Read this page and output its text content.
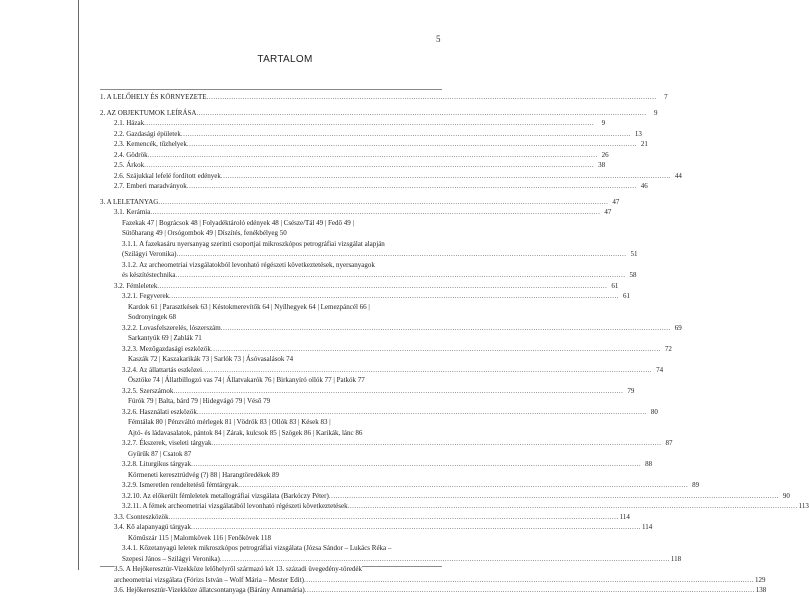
5
TARTALOM
1. A LELŐHELY ÉS KÖRNYEZETE ........................................................................................................................................................................................................	7
2. AZ OBJEKTUMOK LEÍRÁSA ........................................................................................................................................................................................................	9
2.1. Házak ........................................................................................................................................................................................................	9
2.2. Gazdasági épületek ........................................................................................................................................................................................................ 13
2.3. Kemencék, tűzhelyek ........................................................................................................................................................................................................ 21
2.4. Gödrök ........................................................................................................................................................................................................ 26
2.5. Árkok ........................................................................................................................................................................................................ 38
2.6. Szájukkal lefelé fordított edények ........................................................................................................................................................................................................ 44
2.7. Emberi maradványok ........................................................................................................................................................................................................ 46
3. A LELETANYAG ........................................................................................................................................................................................................ 47
3.1. Kerámia ........................................................................................................................................................................................................ 47
Fazekak 47 | Bográcsok 48 | Folyadéktároló edények 48 | Csésze/Tál 49 | Fedő 49 |
Sütőharang 49 | Orsógombok 49 | Díszítés, fenékbélyeg 50
3.1.1. A fazekasáru nyersanyag szerinti csoportjai mikroszkópos petrográfiai vizsgálat alapján
(Szilágyi Veronika) ........................................................................................................................................................................................................ 51
3.1.2. Az archeometriai vizsgálatokból levonható régészeti következtetések, nyersanyagok
és készítéstechnika ........................................................................................................................................................................................................ 58
3.2. Fémleletek ........................................................................................................................................................................................................ 61
3.2.1. Fegyverek ........................................................................................................................................................................................................ 61
Kardok 61 | Parasztkések 63 | Késtokmerevítők 64 | Nyílhegyek 64 | Lemezpáncél 66 |
Sodronyingek 68
3.2.2. Lovasfelszerelés, lószerszám ........................................................................................................................................................................................................ 69
Sarkantyúk 69 | Zablák 71
3.2.3. Mezőgazdasági eszközök ........................................................................................................................................................................................................ 72
Kaszák 72 | Kaszakarikák 73 | Sarlók 73 | Ásóvasalások 74
3.2.4. Az állattartás eszközei ........................................................................................................................................................................................................ 74
Ösztöke 74 | Állatbillogzó vas 74 | Állatvakarók 76 | Birkanyíró ollók 77 | Patkók 77
3.2.5. Szerszámok ........................................................................................................................................................................................................ 79
Fúrók 79 | Balta, bárd 79 | Hidegvágó 79 | Véső 79
3.2.6. Használati eszközök ........................................................................................................................................................................................................ 80
Fémtálak 80 | Pénzváltó mérlegek 81 | Vödrök 83 | Ollók 83 | Kések 83 |
Ajtó- és ládavasalatok, pántok 84 | Zárak, kulcsok 85 | Szögek 86 | Karikák, lánc 86
3.2.7. Ékszerek, viseleti tárgyak ........................................................................................................................................................................................................ 87
Gyűrűk 87 | Csatok 87
3.2.8. Liturgikus tárgyak ........................................................................................................................................................................................................ 88
Körmeneti keresztrúdvég (?) 88 | Harangtöredékek 89
3.2.9. Ismeretlen rendeltetésű fémtárgyak ........................................................................................................................................................................................................ 89
3.2.10. Az előkerült fémleletek metallográfiai vizsgálata (Barkóczy Péter) ........................................................................................................................................................................................................ 90
3.2.11. A fémek archeometriai vizsgálatából levonható régészeti következtetések ........................................................................................................................................................................................................ 113
3.3. Csonteszközök ........................................................................................................................................................................................................ 114
3.4. Kő alapanyagú tárgyak ........................................................................................................................................................................................................ 114
Köműszár 115 | Malomkövek 116 | Fenőkövek 118
3.4.1. Kőzetanyagú leletek mikroszkópos petrográfiai vizsgálata (Józsa Sándor – Lukács Réka –
Szepesi János – Szilágyi Veronika) ........................................................................................................................................................................................................ 118
3.5. A Hejőkeresztúr-Vizekköze lelőhelyről származó két 13. századi üvegedény-töredék
archeometriai vizsgálata (Fórizs István – Wolf Mária – Mester Edit) ........................................................................................................................................................................................................ 129
3.6. Hejőkeresztúr-Vizekköze állatcsontanyaga (Bárány Annamária) ........................................................................................................................................................................................................ 138
